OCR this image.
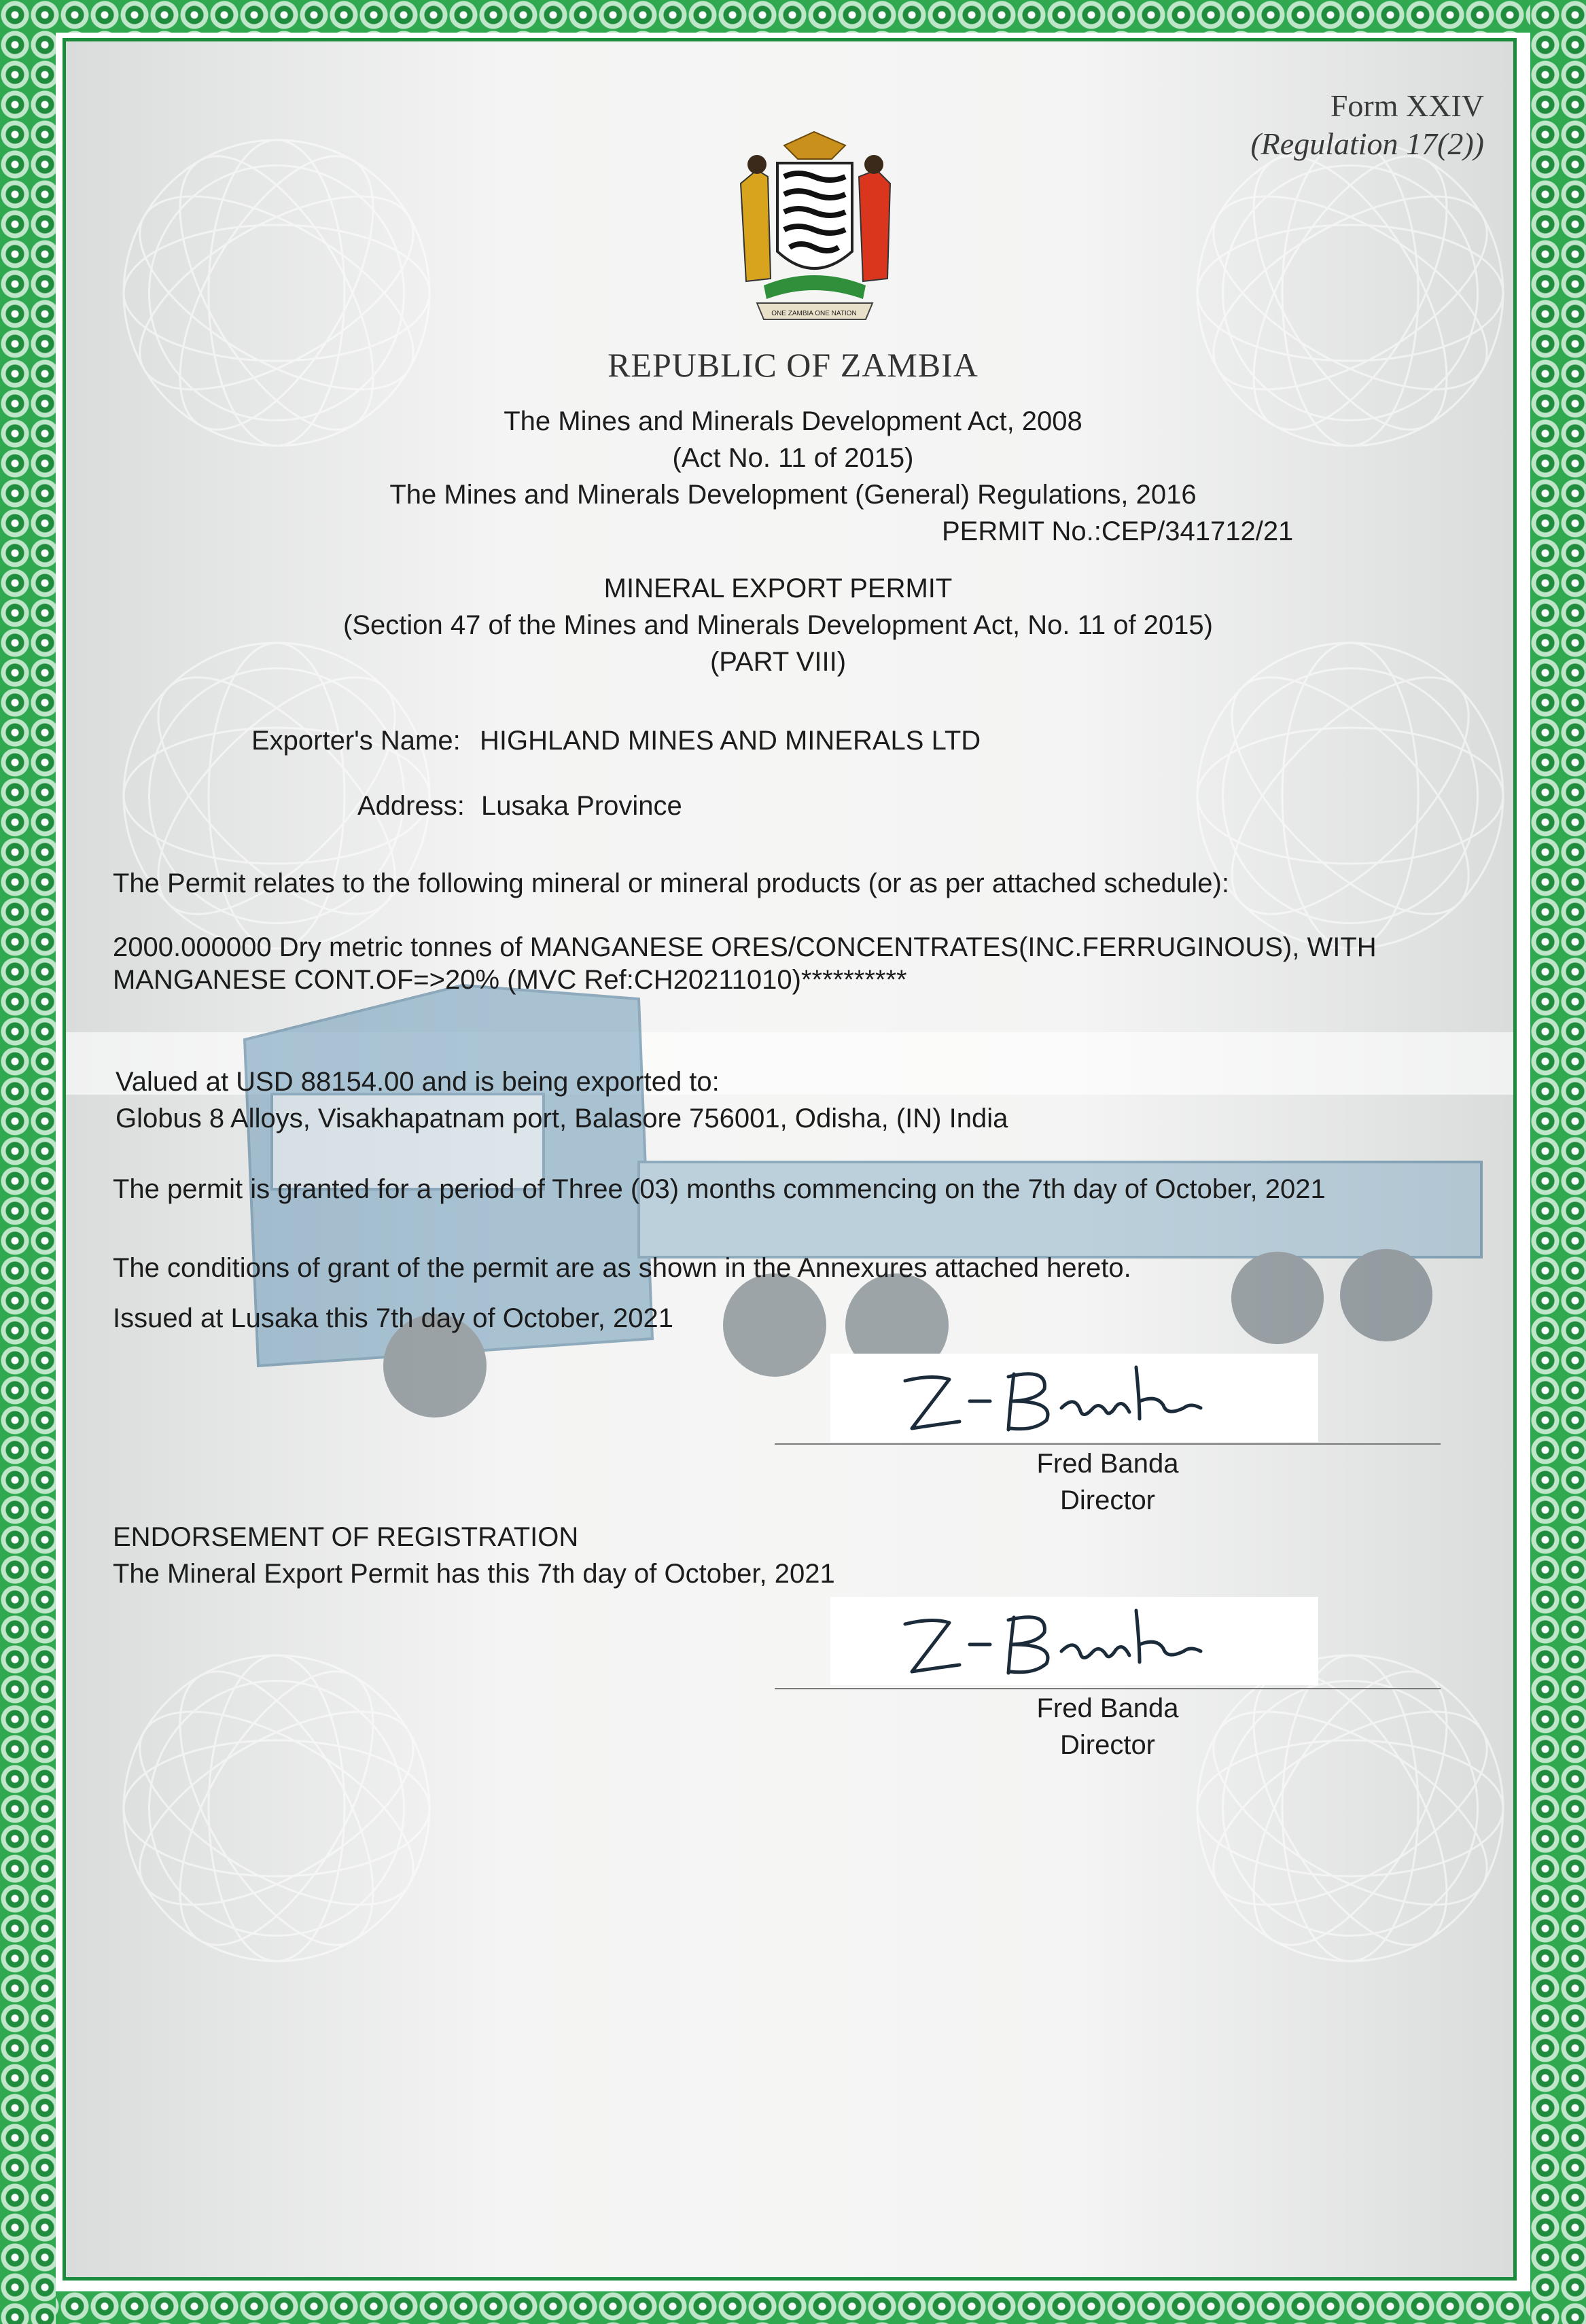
Form XXIV
(Regulation 17(2))
ONE ZAMBIA ONE NATION
REPUBLIC OF ZAMBIA
The Mines and Minerals Development Act, 2008
(Act No. 11 of 2015)
The Mines and Minerals Development (General) Regulations, 2016
PERMIT No.:CEP/341712/21
MINERAL EXPORT PERMIT
(Section 47 of the Mines and Minerals Development Act, No. 11 of 2015)
(PART VIII)
Exporter's Name: HIGHLAND MINES AND MINERALS LTD
Address: Lusaka Province
The Permit relates to the following mineral or mineral products (or as per attached schedule):
2000.000000 Dry metric tonnes of MANGANESE ORES/CONCENTRATES(INC.FERRUGINOUS), WITH
MANGANESE CONT.OF=>20% (MVC Ref:CH20211010)**********
Valued at USD 88154.00 and is being exported to:
Globus 8 Alloys, Visakhapatnam port, Balasore 756001, Odisha, (IN) India
The permit is granted for a period of Three (03) months commencing on the 7th day of October, 2021
The conditions of grant of the permit are as shown in the Annexures attached hereto.
Issued at Lusaka this 7th day of October, 2021
Fred Banda
Director
ENDORSEMENT OF REGISTRATION
The Mineral Export Permit has this 7th day of October, 2021
Fred Banda
Director
